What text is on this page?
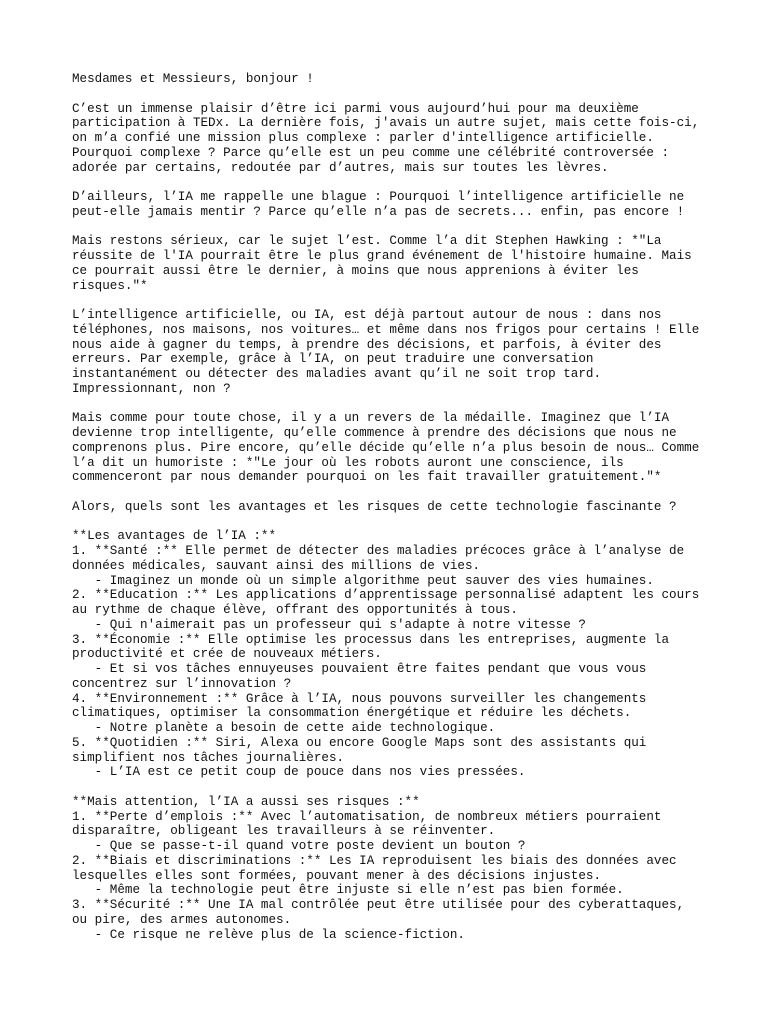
Mesdames et Messieurs, bonjour !
C’est un immense plaisir d’être ici parmi vous aujourd’hui pour ma deuxième
participation à TEDx. La dernière fois, j'avais un autre sujet, mais cette fois-ci,
on m’a confié une mission plus complexe : parler d'intelligence artificielle.
Pourquoi complexe ? Parce qu’elle est un peu comme une célébrité controversée :
adorée par certains, redoutée par d’autres, mais sur toutes les lèvres.
D’ailleurs, l’IA me rappelle une blague : Pourquoi l’intelligence artificielle ne
peut-elle jamais mentir ? Parce qu’elle n’a pas de secrets... enfin, pas encore !
Mais restons sérieux, car le sujet l’est. Comme l’a dit Stephen Hawking : *"La
réussite de l'IA pourrait être le plus grand événement de l'histoire humaine. Mais
ce pourrait aussi être le dernier, à moins que nous apprenions à éviter les
risques."*
L’intelligence artificielle, ou IA, est déjà partout autour de nous : dans nos
téléphones, nos maisons, nos voitures… et même dans nos frigos pour certains ! Elle
nous aide à gagner du temps, à prendre des décisions, et parfois, à éviter des
erreurs. Par exemple, grâce à l’IA, on peut traduire une conversation
instantanément ou détecter des maladies avant qu’il ne soit trop tard.
Impressionnant, non ?
Mais comme pour toute chose, il y a un revers de la médaille. Imaginez que l’IA
devienne trop intelligente, qu’elle commence à prendre des décisions que nous ne
comprenons plus. Pire encore, qu’elle décide qu’elle n’a plus besoin de nous… Comme
l’a dit un humoriste : *"Le jour où les robots auront une conscience, ils
commenceront par nous demander pourquoi on les fait travailler gratuitement."*
Alors, quels sont les avantages et les risques de cette technologie fascinante ?
**Les avantages de l’IA :**
1. **Santé :** Elle permet de détecter des maladies précoces grâce à l’analyse de
données médicales, sauvant ainsi des millions de vies.
- Imaginez un monde où un simple algorithme peut sauver des vies humaines.
2. **Education :** Les applications d’apprentissage personnalisé adaptent les cours
au rythme de chaque élève, offrant des opportunités à tous.
- Qui n'aimerait pas un professeur qui s'adapte à notre vitesse ?
3. **Économie :** Elle optimise les processus dans les entreprises, augmente la
productivité et crée de nouveaux métiers.
- Et si vos tâches ennuyeuses pouvaient être faites pendant que vous vous
concentrez sur l’innovation ?
4. **Environnement :** Grâce à l’IA, nous pouvons surveiller les changements
climatiques, optimiser la consommation énergétique et réduire les déchets.
- Notre planète a besoin de cette aide technologique.
5. **Quotidien :** Siri, Alexa ou encore Google Maps sont des assistants qui
simplifient nos tâches journalières.
- L’IA est ce petit coup de pouce dans nos vies pressées.
**Mais attention, l’IA a aussi ses risques :**
1. **Perte d’emplois :** Avec l’automatisation, de nombreux métiers pourraient
disparaître, obligeant les travailleurs à se réinventer.
- Que se passe-t-il quand votre poste devient un bouton ?
2. **Biais et discriminations :** Les IA reproduisent les biais des données avec
lesquelles elles sont formées, pouvant mener à des décisions injustes.
- Même la technologie peut être injuste si elle n’est pas bien formée.
3. **Sécurité :** Une IA mal contrôlée peut être utilisée pour des cyberattaques,
ou pire, des armes autonomes.
- Ce risque ne relève plus de la science-fiction.
